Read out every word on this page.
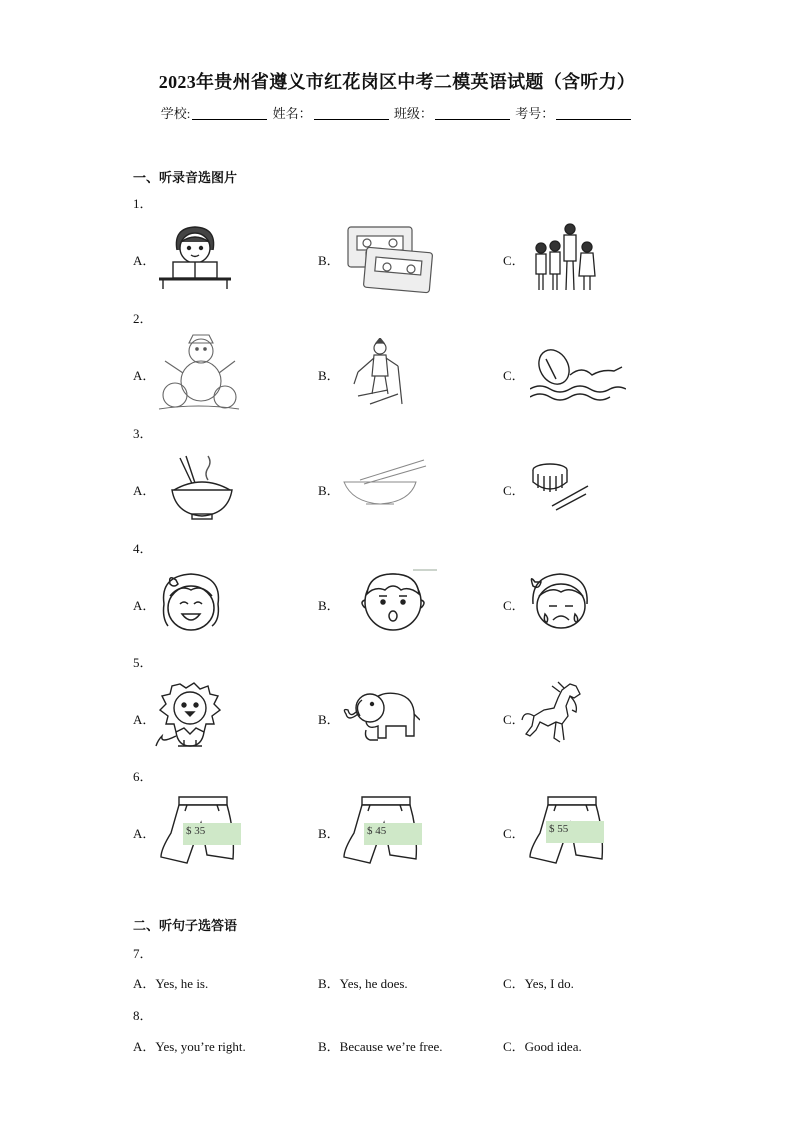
2023年贵州省遵义市红花岗区中考二模英语试题（含听力）
学校:	姓名：	班级：	考号：
一、听录音选图片
1．
A．	B．	C．
2．
A．	B．	C．
3．
A．	B．	C．
4．
A．	B．	C．
5．
A．	B．	C．
6．
A．	B．	C．
$ 35	$ 45	$ 55
二、听句子选答语
7．
A．Yes, he is.	B．Yes, he does.	C．Yes, I do.
8．
A．Yes, you’re right.	B．Because we’re free.	C．Good idea.
